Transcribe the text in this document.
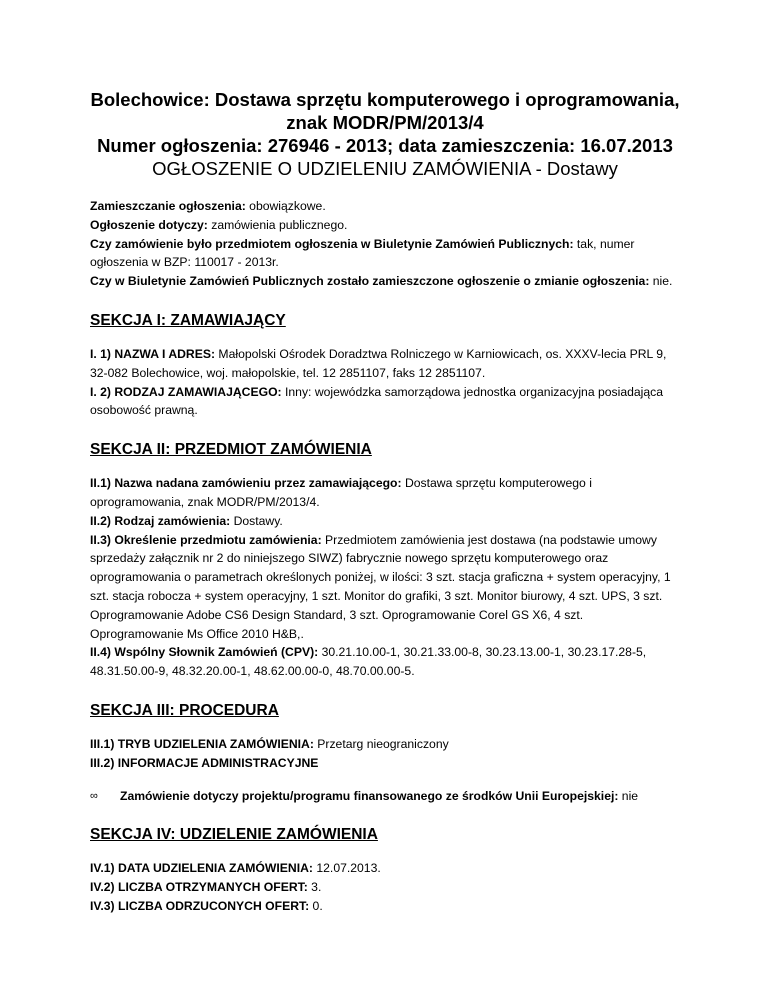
Bolechowice: Dostawa sprzętu komputerowego i oprogramowania,

znak MODR/PM/2013/4

Numer ogłoszenia: 276946 - 2013; data zamieszczenia: 16.07.2013

OGŁOSZENIE O UDZIELENIU ZAMÓWIENIA - Dostawy

Zamieszczanie ogłoszenia: obowiązkowe.

Ogłoszenie dotyczy: zamówienia publicznego.

Czy zamówienie było przedmiotem ogłoszenia w Biuletynie Zamówień Publicznych: tak, numer ogłoszenia w BZP: 110017 - 2013r.

Czy w Biuletynie Zamówień Publicznych zostało zamieszczone ogłoszenie o zmianie ogłoszenia: nie.

SEKCJA I: ZAMAWIAJĄCY

I. 1) NAZWA I ADRES: Małopolski Ośrodek Doradztwa Rolniczego w Karniowicach, os. XXXV-lecia PRL 9, 32-082 Bolechowice, woj. małopolskie, tel. 12 2851107, faks 12 2851107.

I. 2) RODZAJ ZAMAWIAJĄCEGO: Inny: wojewódzka samorządowa jednostka organizacyjna posiadająca osobowość prawną.

SEKCJA II: PRZEDMIOT ZAMÓWIENIA

II.1) Nazwa nadana zamówieniu przez zamawiającego: Dostawa sprzętu komputerowego i oprogramowania, znak MODR/PM/2013/4.

II.2) Rodzaj zamówienia: Dostawy.

II.3) Określenie przedmiotu zamówienia: Przedmiotem zamówienia jest dostawa (na podstawie umowy sprzedaży załącznik nr 2 do niniejszego SIWZ) fabrycznie nowego sprzętu komputerowego oraz oprogramowania o parametrach określonych poniżej, w ilości: 3 szt. stacja graficzna + system operacyjny, 1 szt. stacja robocza + system operacyjny, 1 szt. Monitor do grafiki, 3 szt. Monitor biurowy, 4 szt. UPS, 3 szt. Oprogramowanie Adobe CS6 Design Standard, 3 szt. Oprogramowanie Corel GS X6, 4 szt. Oprogramowanie Ms Office 2010 H&B,.

II.4) Wspólny Słownik Zamówień (CPV): 30.21.10.00-1, 30.21.33.00-8, 30.23.13.00-1, 30.23.17.28-5, 48.31.50.00-9, 48.32.20.00-1, 48.62.00.00-0, 48.70.00.00-5.

SEKCJA III: PROCEDURA

III.1) TRYB UDZIELENIA ZAMÓWIENIA: Przetarg nieograniczony

III.2) INFORMACJE ADMINISTRACYJNE

∞	Zamówienie dotyczy projektu/programu finansowanego ze środków Unii Europejskiej: nie
SEKCJA IV: UDZIELENIE ZAMÓWIENIA

IV.1) DATA UDZIELENIA ZAMÓWIENIA: 12.07.2013.

IV.2) LICZBA OTRZYMANYCH OFERT: 3.

IV.3) LICZBA ODRZUCONYCH OFERT: 0.
